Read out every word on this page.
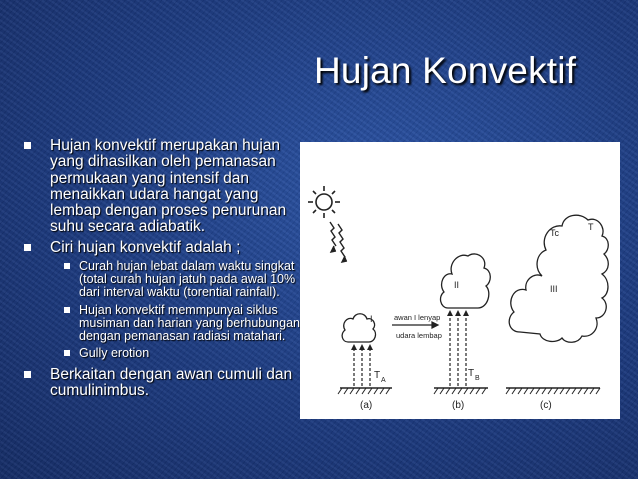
Hujan Konvektif
Hujan konvektif merupakan hujan yang dihasilkan oleh pemanasan permukaan yang intensif dan menaikkan udara hangat yang lembap dengan proses penurunan suhu secara adiabatik.
Ciri hujan konvektif adalah ;
Curah hujan lebat dalam waktu singkat (total curah hujan jatuh pada awal 10% dari interval waktu (torential rainfall).
Hujan konvektif memmpunyai siklus musiman dan harian yang berhubungan dengan pemanasan radiasi matahari.
Gully erotion
Berkaitan dengan awan cumuli dan cumulinimbus.
I
T A
(a)
awan I lenyap
udara lembap
II
T B
(b)
Tc
T
III
(c)
